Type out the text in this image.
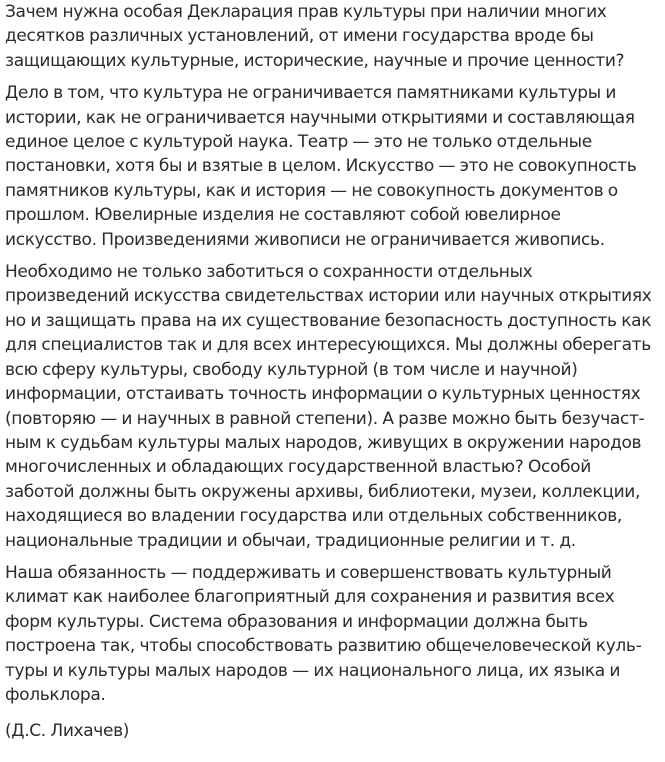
Зачем нужна особая Декларация прав культуры при наличии многих
десятков различных установлений, от имени государства вроде бы
защищающих культурные, исторические, научные и прочие ценности?

Дело в том, что культура не ограничивается памятниками культуры и
истории, как не ограничивается научными открытиями и составляющая
единое целое с культурой наука. Театр — это не только отдельные
постановки, хотя бы и взятые в целом. Искусство — это не совокупность
памятников культуры, как и история — не совокупность документов о
прошлом. Ювелирные изделия не составляют собой ювелирное
искусство. Произведениями живописи не ограничивается живопись.

Необходимо не только заботиться о сохранности отдельных
произведений искусства свидетельствах истории или научных открытиях
но и защищать права на их существование безопасность доступность как
для специалистов так и для всех интересующихся. Мы должны оберегать
всю сферу культуры, свободу культурной (в том числе и научной)
информации, отстаивать точность информации о культурных ценностях
(повторяю — и научных в равной степени). А разве можно быть безучаст-
ным к судьбам культуры малых народов, живущих в окружении народов
многочисленных и обладающих государственной властью? Особой
заботой должны быть окружены архивы, библиотеки, музеи, коллекции,
находящиеся во владении государства или отдельных собственников,
национальные традиции и обычаи, традиционные религии и т. д.

Наша обязанность — поддерживать и совершенствовать культурный
климат как наиболее благоприятный для сохранения и развития всех
форм культуры. Система образования и информации должна быть
построена так, чтобы способствовать развитию общечеловеческой куль-
туры и культуры малых народов — их национального лица, их языка и
фольклора.

(Д.С. Лихачев)
